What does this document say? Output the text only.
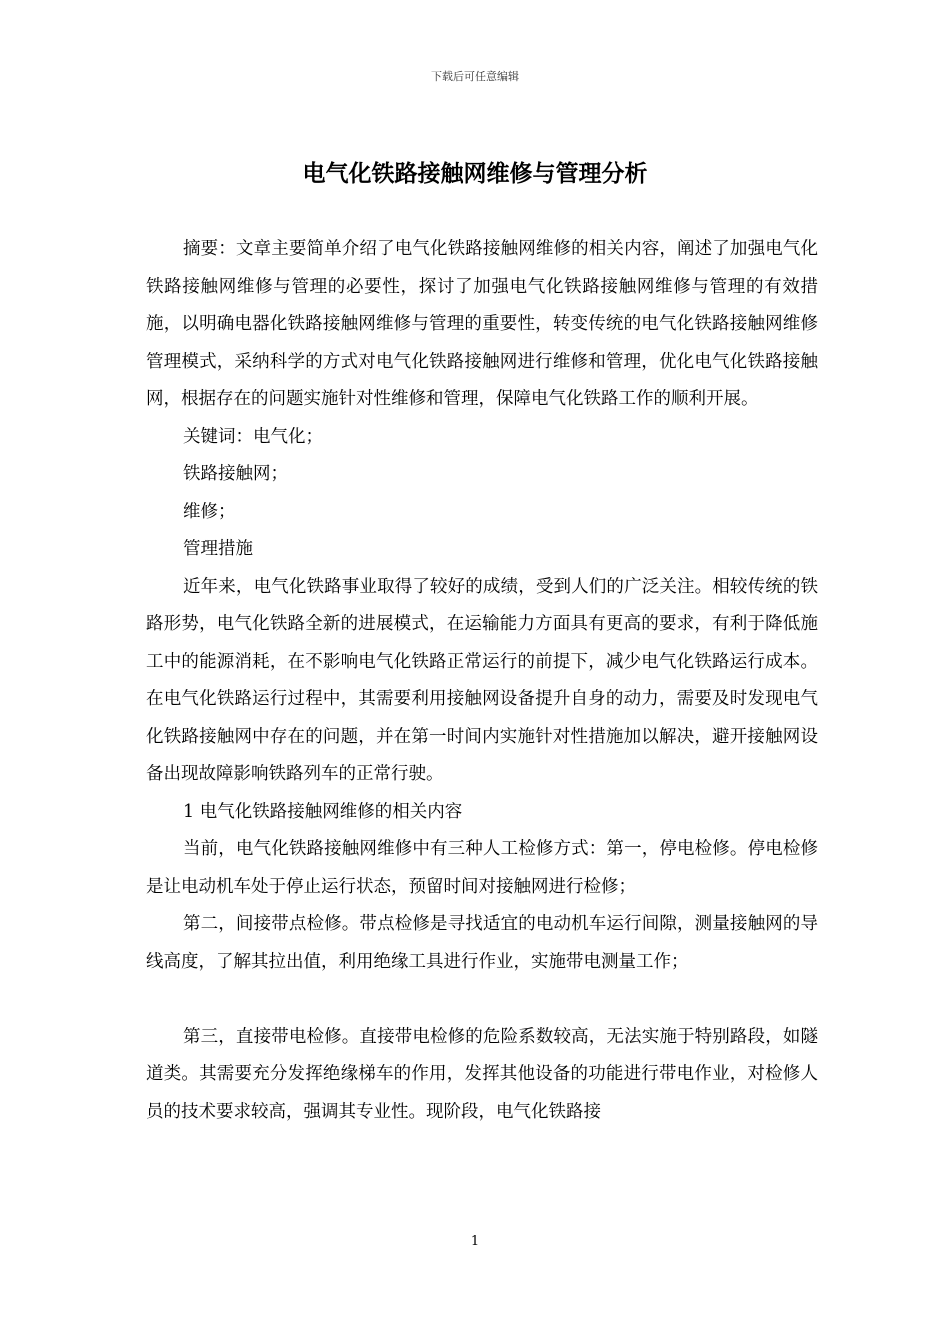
下载后可任意编辑
电气化铁路接触网维修与管理分析

摘要：文章主要简单介绍了电气化铁路接触网维修的相关内容，阐述了加强电气化铁路接触网维修与管理的必要性，探讨了加强电气化铁路接触网维修与管理的有效措施，以明确电器化铁路接触网维修与管理的重要性，转变传统的电气化铁路接触网维修管理模式，采纳科学的方式对电气化铁路接触网进行维修和管理，优化电气化铁路接触网，根据存在的问题实施针对性维修和管理，保障电气化铁路工作的顺利开展。

关键词：电气化；

铁路接触网；

维修；

管理措施

近年来，电气化铁路事业取得了较好的成绩，受到人们的广泛关注。相较传统的铁路形势，电气化铁路全新的进展模式，在运输能力方面具有更高的要求，有利于降低施工中的能源消耗，在不影响电气化铁路正常运行的前提下，减少电气化铁路运行成本。在电气化铁路运行过程中，其需要利用接触网设备提升自身的动力，需要及时发现电气化铁路接触网中存在的问题，并在第一时间内实施针对性措施加以解决，避开接触网设备出现故障影响铁路列车的正常行驶。

1 电气化铁路接触网维修的相关内容

当前，电气化铁路接触网维修中有三种人工检修方式：第一，停电检修。停电检修是让电动机车处于停止运行状态，预留时间对接触网进行检修；

第二，间接带点检修。带点检修是寻找适宜的电动机车运行间隙，测量接触网的导线高度，了解其拉出值，利用绝缘工具进行作业，实施带电测量工作；

第三，直接带电检修。直接带电检修的危险系数较高，无法实施于特别路段，如隧道类。其需要充分发挥绝缘梯车的作用，发挥其他设备的功能进行带电作业，对检修人员的技术要求较高，强调其专业性。现阶段，电气化铁路接

1
